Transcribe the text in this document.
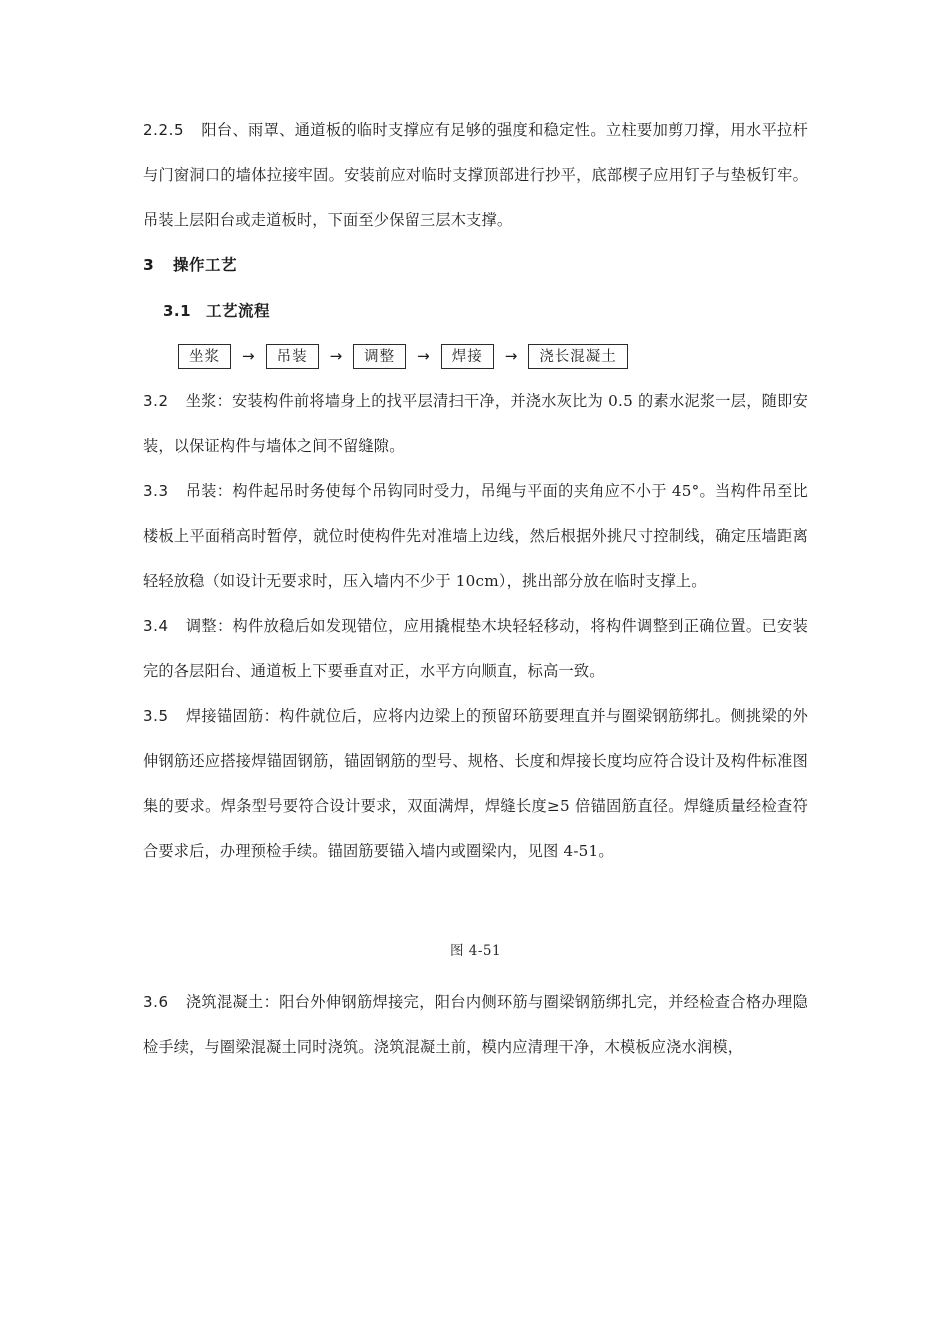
2.2.5 阳台、雨罩、通道板的临时支撑应有足够的强度和稳定性。立柱要加剪刀撑，用水平拉杆与门窗洞口的墙体拉接牢固。安装前应对临时支撑顶部进行抄平，底部楔子应用钉子与垫板钉牢。吊装上层阳台或走道板时，下面至少保留三层木支撑。

3 操作工艺
3.1 工艺流程
坐浆	→	吊装	→	调整	→	焊接	→	浇长混凝土

3.2 坐浆：安装构件前将墙身上的找平层清扫干净，并浇水灰比为 0.5 的素水泥浆一层，随即安装，以保证构件与墙体之间不留缝隙。

3.3 吊装：构件起吊时务使每个吊钩同时受力，吊绳与平面的夹角应不小于 45°。当构件吊至比楼板上平面稍高时暂停，就位时使构件先对准墙上边线，然后根据外挑尺寸控制线，确定压墙距离轻轻放稳（如设计无要求时，压入墙内不少于 10cm），挑出部分放在临时支撑上。

3.4 调整：构件放稳后如发现错位，应用撬棍垫木块轻轻移动，将构件调整到正确位置。已安装完的各层阳台、通道板上下要垂直对正，水平方向顺直，标高一致。

3.5 焊接锚固筋：构件就位后，应将内边梁上的预留环筋要理直并与圈梁钢筋绑扎。侧挑梁的外伸钢筋还应搭接焊锚固钢筋，锚固钢筋的型号、规格、长度和焊接长度均应符合设计及构件标准图集的要求。焊条型号要符合设计要求，双面满焊，焊缝长度≥5 倍锚固筋直径。焊缝质量经检查符合要求后，办理预检手续。锚固筋要锚入墙内或圈梁内，见图 4-51。

图 4-51

3.6 浇筑混凝土：阳台外伸钢筋焊接完，阳台内侧环筋与圈梁钢筋绑扎完，并经检查合格办理隐检手续，与圈梁混凝土同时浇筑。浇筑混凝土前，模内应清理干净，木模板应浇水润模，
